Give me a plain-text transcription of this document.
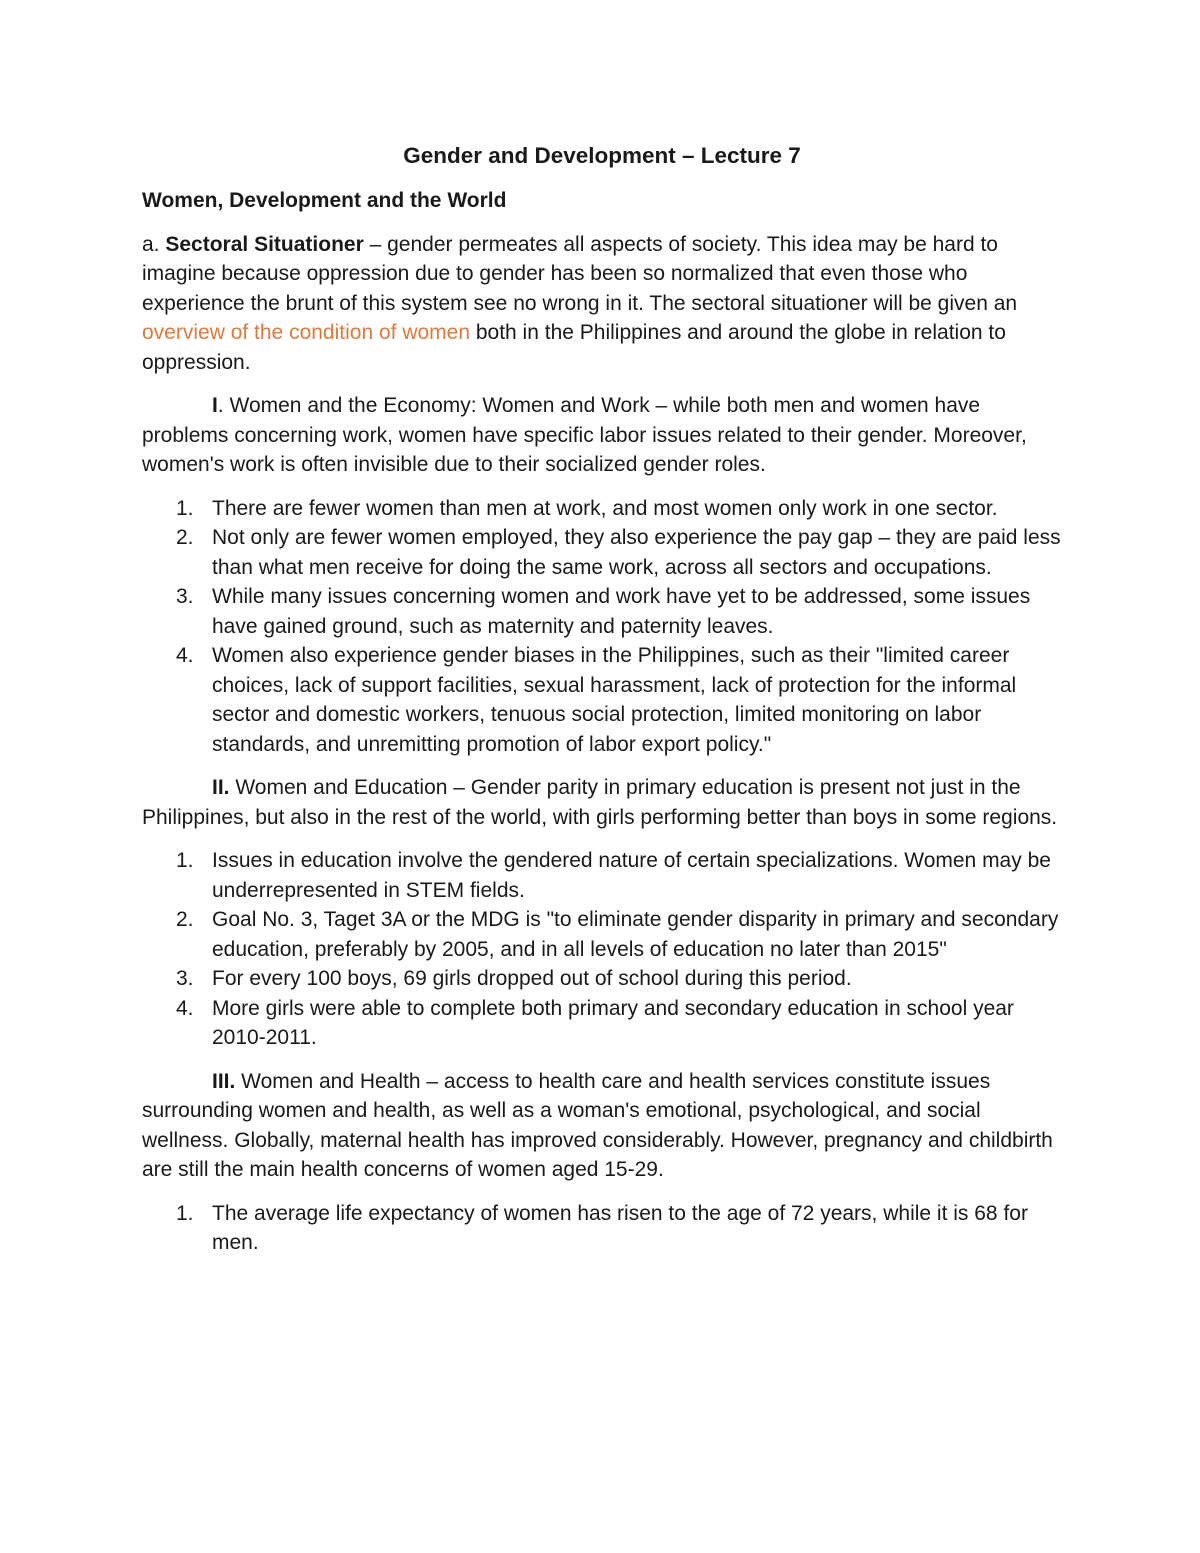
Gender and Development – Lecture 7
Women, Development and the World

a. Sectoral Situationer – gender permeates all aspects of society. This idea may be hard to imagine because oppression due to gender has been so normalized that even those who experience the brunt of this system see no wrong in it. The sectoral situationer will be given an overview of the condition of women both in the Philippines and around the globe in relation to oppression.

I. Women and the Economy: Women and Work – while both men and women have problems concerning work, women have specific labor issues related to their gender. Moreover, women's work is often invisible due to their socialized gender roles.

1. There are fewer women than men at work, and most women only work in one sector.
2. Not only are fewer women employed, they also experience the pay gap – they are paid less than what men receive for doing the same work, across all sectors and occupations.
3. While many issues concerning women and work have yet to be addressed, some issues have gained ground, such as maternity and paternity leaves.
4. Women also experience gender biases in the Philippines, such as their "limited career choices, lack of support facilities, sexual harassment, lack of protection for the informal sector and domestic workers, tenuous social protection, limited monitoring on labor standards, and unremitting promotion of labor export policy."

II. Women and Education – Gender parity in primary education is present not just in the Philippines, but also in the rest of the world, with girls performing better than boys in some regions.

1. Issues in education involve the gendered nature of certain specializations. Women may be underrepresented in STEM fields.
2. Goal No. 3, Taget 3A or the MDG is "to eliminate gender disparity in primary and secondary education, preferably by 2005, and in all levels of education no later than 2015"
3. For every 100 boys, 69 girls dropped out of school during this period.
4. More girls were able to complete both primary and secondary education in school year 2010-2011.

III. Women and Health – access to health care and health services constitute issues surrounding women and health, as well as a woman's emotional, psychological, and social wellness. Globally, maternal health has improved considerably. However, pregnancy and childbirth are still the main health concerns of women aged 15-29.

1. The average life expectancy of women has risen to the age of 72 years, while it is 68 for men.
